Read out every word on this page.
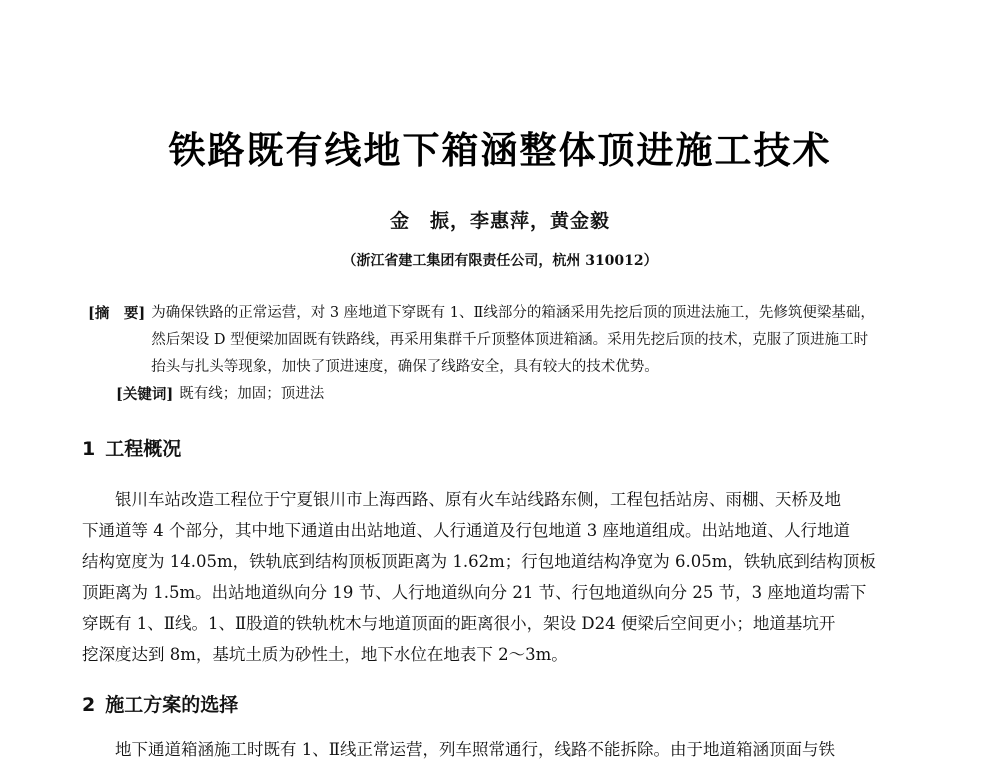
铁路既有线地下箱涵整体顶进施工技术
金　振，李惠萍，黄金毅
（浙江省建工集团有限责任公司，杭州 310012）
[摘　要] 为确保铁路的正常运营，对 3 座地道下穿既有 1、Ⅱ线部分的箱涵采用先挖后顶的顶进法施工，先修筑便梁基础，
然后架设 D 型便梁加固既有铁路线，再采用集群千斤顶整体顶进箱涵。采用先挖后顶的技术，克服了顶进施工时
抬头与扎头等现象，加快了顶进速度，确保了线路安全，具有较大的技术优势。
[关键词] 既有线；加固；顶进法
1 工程概况
银川车站改造工程位于宁夏银川市上海西路、原有火车站线路东侧，工程包括站房、雨棚、天桥及地
下通道等 4 个部分，其中地下通道由出站地道、人行通道及行包地道 3 座地道组成。出站地道、人行地道
结构宽度为 14.05m，铁轨底到结构顶板顶距离为 1.62m；行包地道结构净宽为 6.05m，铁轨底到结构顶板
顶距离为 1.5m。出站地道纵向分 19 节、人行地道纵向分 21 节、行包地道纵向分 25 节，3 座地道均需下
穿既有 1、Ⅱ线。1、Ⅱ股道的铁轨枕木与地道顶面的距离很小，架设 D24 便梁后空间更小；地道基坑开
挖深度达到 8m，基坑土质为砂性土，地下水位在地表下 2～3m。
2 施工方案的选择
地下通道箱涵施工时既有 1、Ⅱ线正常运营，列车照常通行，线路不能拆除。由于地道箱涵顶面与铁
